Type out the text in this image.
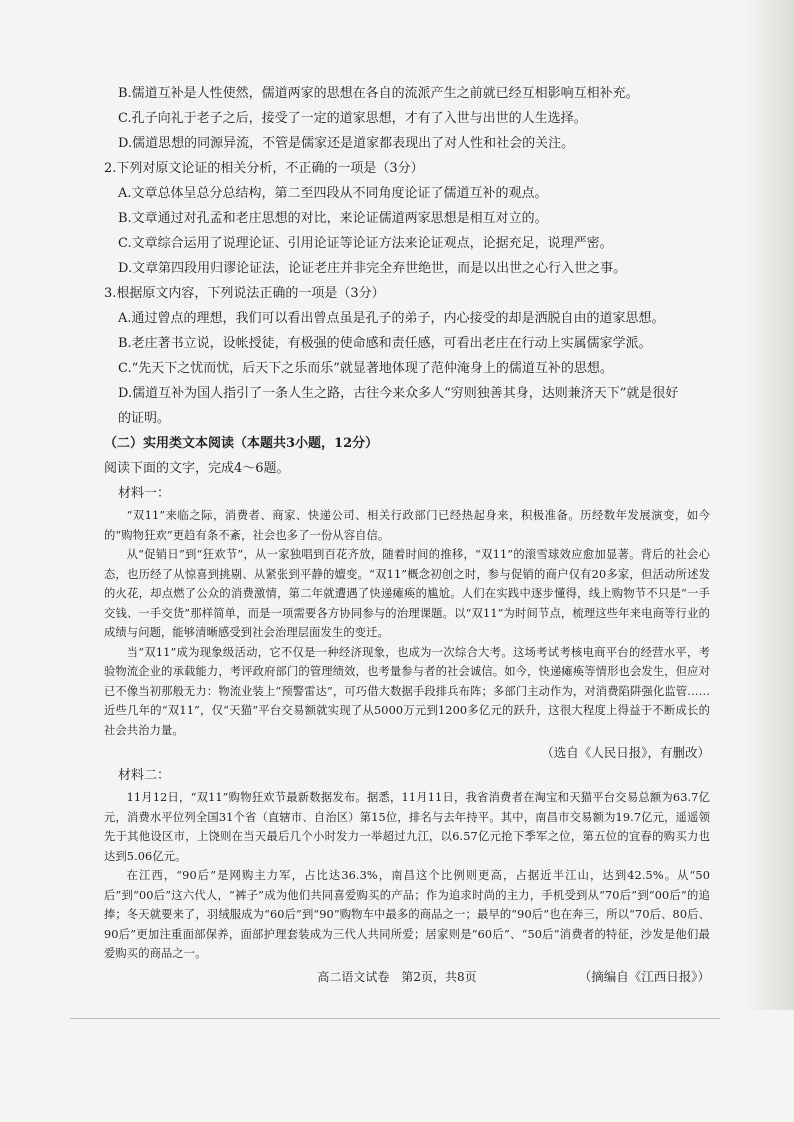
B.儒道互补是人性使然，儒道两家的思想在各自的流派产生之前就已经互相影响互相补充。
C.孔子向礼于老子之后，接受了一定的道家思想，才有了入世与出世的人生选择。
D.儒道思想的同源异流，不管是儒家还是道家都表现出了对人性和社会的关注。
2.下列对原文论证的相关分析，不正确的一项是（3分）
A.文章总体呈总分总结构，第二至四段从不同角度论证了儒道互补的观点。
B.文章通过对孔孟和老庄思想的对比，来论证儒道两家思想是相互对立的。
C.文章综合运用了说理论证、引用论证等论证方法来论证观点，论据充足，说理严密。
D.文章第四段用归谬论证法，论证老庄并非完全弃世绝世，而是以出世之心行入世之事。
3.根据原文内容，下列说法正确的一项是（3分）
A.通过曾点的理想，我们可以看出曾点虽是孔子的弟子，内心接受的却是洒脱自由的道家思想。
B.老庄著书立说，设帐授徒，有极强的使命感和责任感，可看出老庄在行动上实属儒家学派。
C.“先天下之忧而忧，后天下之乐而乐”就显著地体现了范仲淹身上的儒道互补的思想。
D.儒道互补为国人指引了一条人生之路，古往今来众多人“穷则独善其身，达则兼济天下”就是很好
的证明。
（二）实用类文本阅读（本题共3小题，12分）
阅读下面的文字，完成4～6题。
材料一：

“双11”来临之际，消费者、商家、快递公司、相关行政部门已经热起身来，积极准备。历经数年发展演变，如今的“购物狂欢”更趋有条不紊，社会也多了一份从容自信。

从“促销日”到“狂欢节”，从一家独唱到百花齐放，随着时间的推移，“双11”的滚雪球效应愈加显著。背后的社会心态，也历经了从惊喜到挑剔、从紧张到平静的嬗变。“双11”概念初创之时，参与促销的商户仅有20多家，但活动所述发的火花，却点燃了公众的消费激情，第二年就遭遇了快递瘫痪的尴尬。人们在实践中逐步懂得，线上购物节不只是“一手交钱、一手交货”那样简单，而是一项需要各方协同参与的治理课题。以“双11”为时间节点，梳理这些年来电商等行业的成绩与问题，能够清晰感受到社会治理层面发生的变迁。

当“双11”成为现象级活动，它不仅是一种经济现象，也成为一次综合大考。这场考试考核电商平台的经营水平，考验物流企业的承载能力，考评政府部门的管理绩效，也考量参与者的社会诚信。如今，快递瘫痪等情形也会发生，但应对已不像当初那般无力：物流业装上“预警雷达”，可巧借大数据手段排兵布阵；多部门主动作为，对消费陷阱强化监管……近些几年的“双11”，仅“天猫”平台交易额就实现了从5000万元到1200多亿元的跃升，这很大程度上得益于不断成长的社会共治力量。

（选自《人民日报》，有删改）
材料二：

11月12日，“双11”购物狂欢节最新数据发布。据悉，11月11日，我省消费者在淘宝和天猫平台交易总额为63.7亿元，消费水平位列全国31个省（直辖市、自治区）第15位，排名与去年持平。其中，南昌市交易额为19.7亿元，遥遥领先于其他设区市，上饶则在当天最后几个小时发力一举超过九江，以6.57亿元抢下季军之位，第五位的宜春的购买力也达到5.06亿元。

在江西，“90后”是网购主力军，占比达36.3%，南昌这个比例则更高，占据近半江山，达到42.5%。从“50后”到“00后”这六代人，“裤子”成为他们共同喜爱购买的产品；作为追求时尚的主力，手机受到从“70后”到“00后”的追捧；冬天就要来了，羽绒服成为“60后”到“90”购物车中最多的商品之一；最早的“90后”也在奔三，所以“70后、80后、90后”更加注重面部保养，面部护理套装成为三代人共同所爱；居家则是“60后”、“50后”消费者的特征，沙发是他们最爱购买的商品之一。

（摘编自《江西日报》）
高二语文试卷　第2页，共8页
